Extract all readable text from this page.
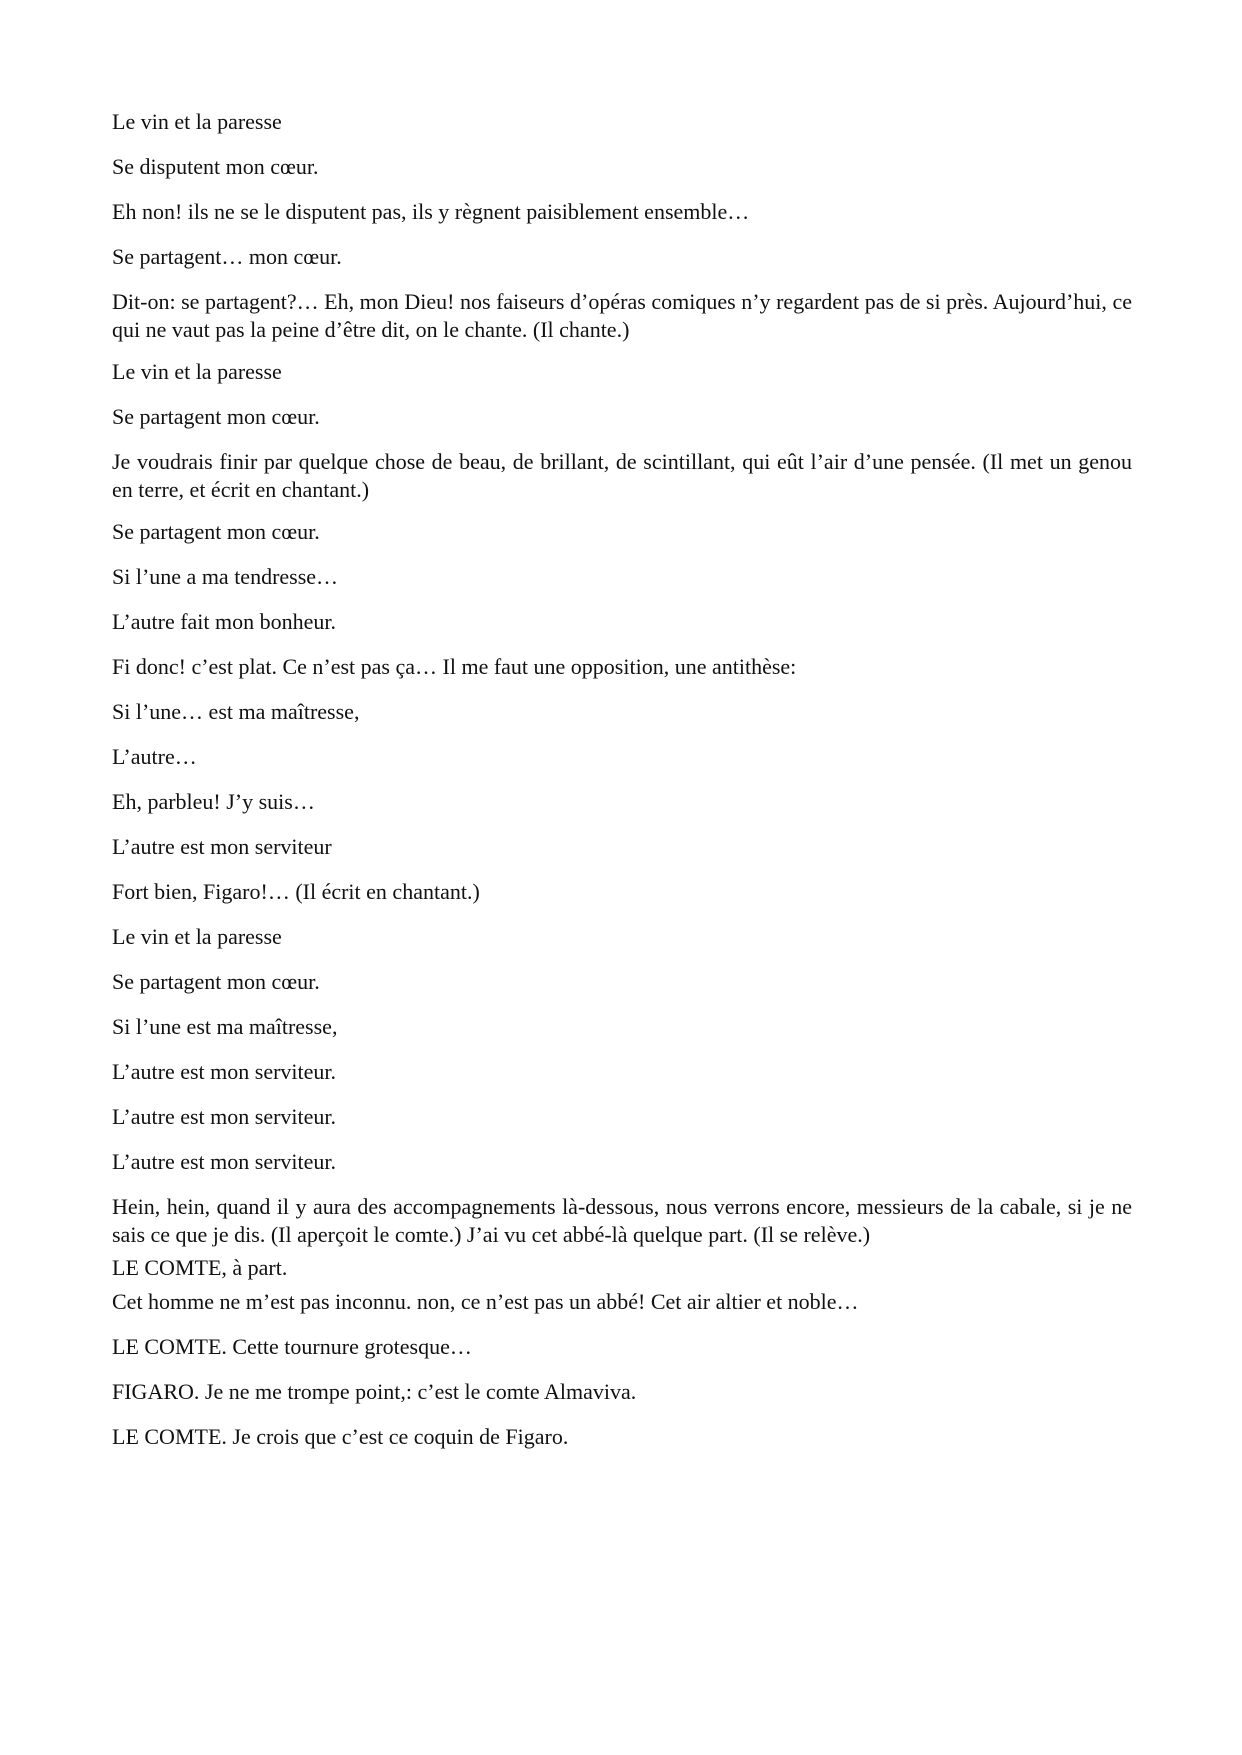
Le vin et la paresse

Se disputent mon cœur.

Eh non! ils ne se le disputent pas, ils y règnent paisiblement ensemble…

Se partagent… mon cœur.

Dit-on: se partagent?… Eh, mon Dieu! nos faiseurs d’opéras comiques n’y regardent pas de si près. Aujourd’hui, ce qui ne vaut pas la peine d’être dit, on le chante. (Il chante.)

Le vin et la paresse

Se partagent mon cœur.

Je voudrais finir par quelque chose de beau, de brillant, de scintillant, qui eût l’air d’une pensée. (Il met un genou en terre, et écrit en chantant.)

Se partagent mon cœur.

Si l’une a ma tendresse…

L’autre fait mon bonheur.

Fi donc! c’est plat. Ce n’est pas ça… Il me faut une opposition, une antithèse:

Si l’une… est ma maîtresse,

L’autre…

Eh, parbleu! J’y suis…

L’autre est mon serviteur

Fort bien, Figaro!… (Il écrit en chantant.)

Le vin et la paresse

Se partagent mon cœur.

Si l’une est ma maîtresse,

L’autre est mon serviteur.

L’autre est mon serviteur.

L’autre est mon serviteur.

Hein, hein, quand il y aura des accompagnements là-dessous, nous verrons encore, messieurs de la cabale, si je ne sais ce que je dis. (Il aperçoit le comte.) J’ai vu cet abbé-là quelque part. (Il se relève.)

LE COMTE, à part.

Cet homme ne m’est pas inconnu. non, ce n’est pas un abbé! Cet air altier et noble…

LE COMTE. Cette tournure grotesque…

FIGARO. Je ne me trompe point,: c’est le comte Almaviva.

LE COMTE. Je crois que c’est ce coquin de Figaro.
